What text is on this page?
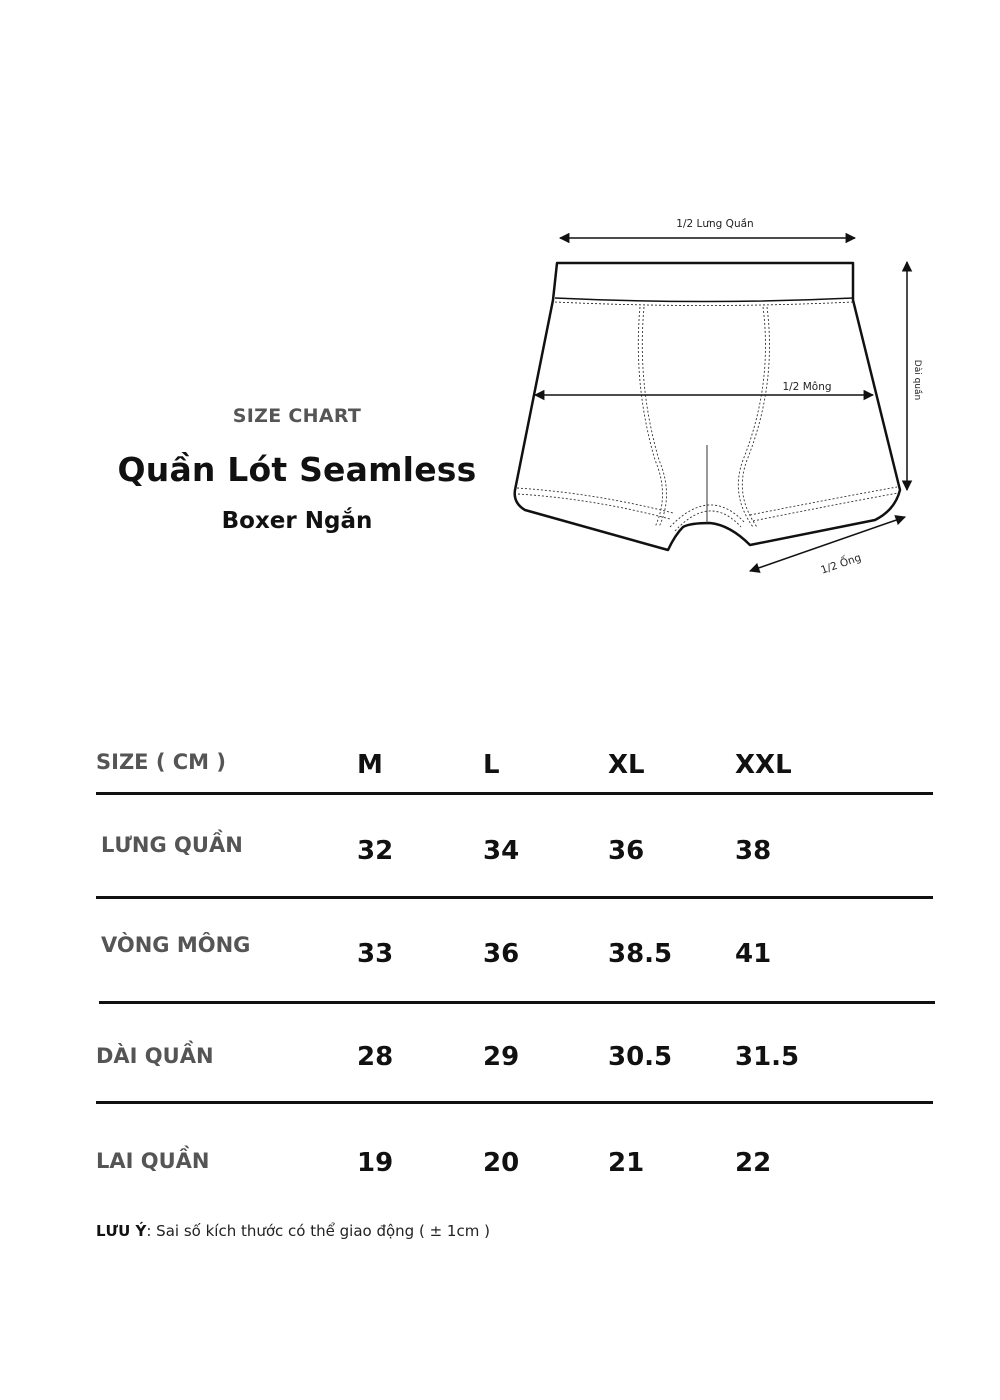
SIZE CHART
Quần Lót Seamless
Boxer Ngắn
1/2 Lưng Quần
1/2 Mông	Dài quần
1/2 Ống
SIZE ( CM )	M	L	XL	XXL
LƯNG QUẦN	32	34	36	38
VÒNG MÔNG	33	36	38.5 41
DÀI QUẦN	28	29	30.5 31.5
LAI QUẦN	19	20	21	22
LƯU Ý: Sai số kích thước có thể giao động ( ± 1cm )
